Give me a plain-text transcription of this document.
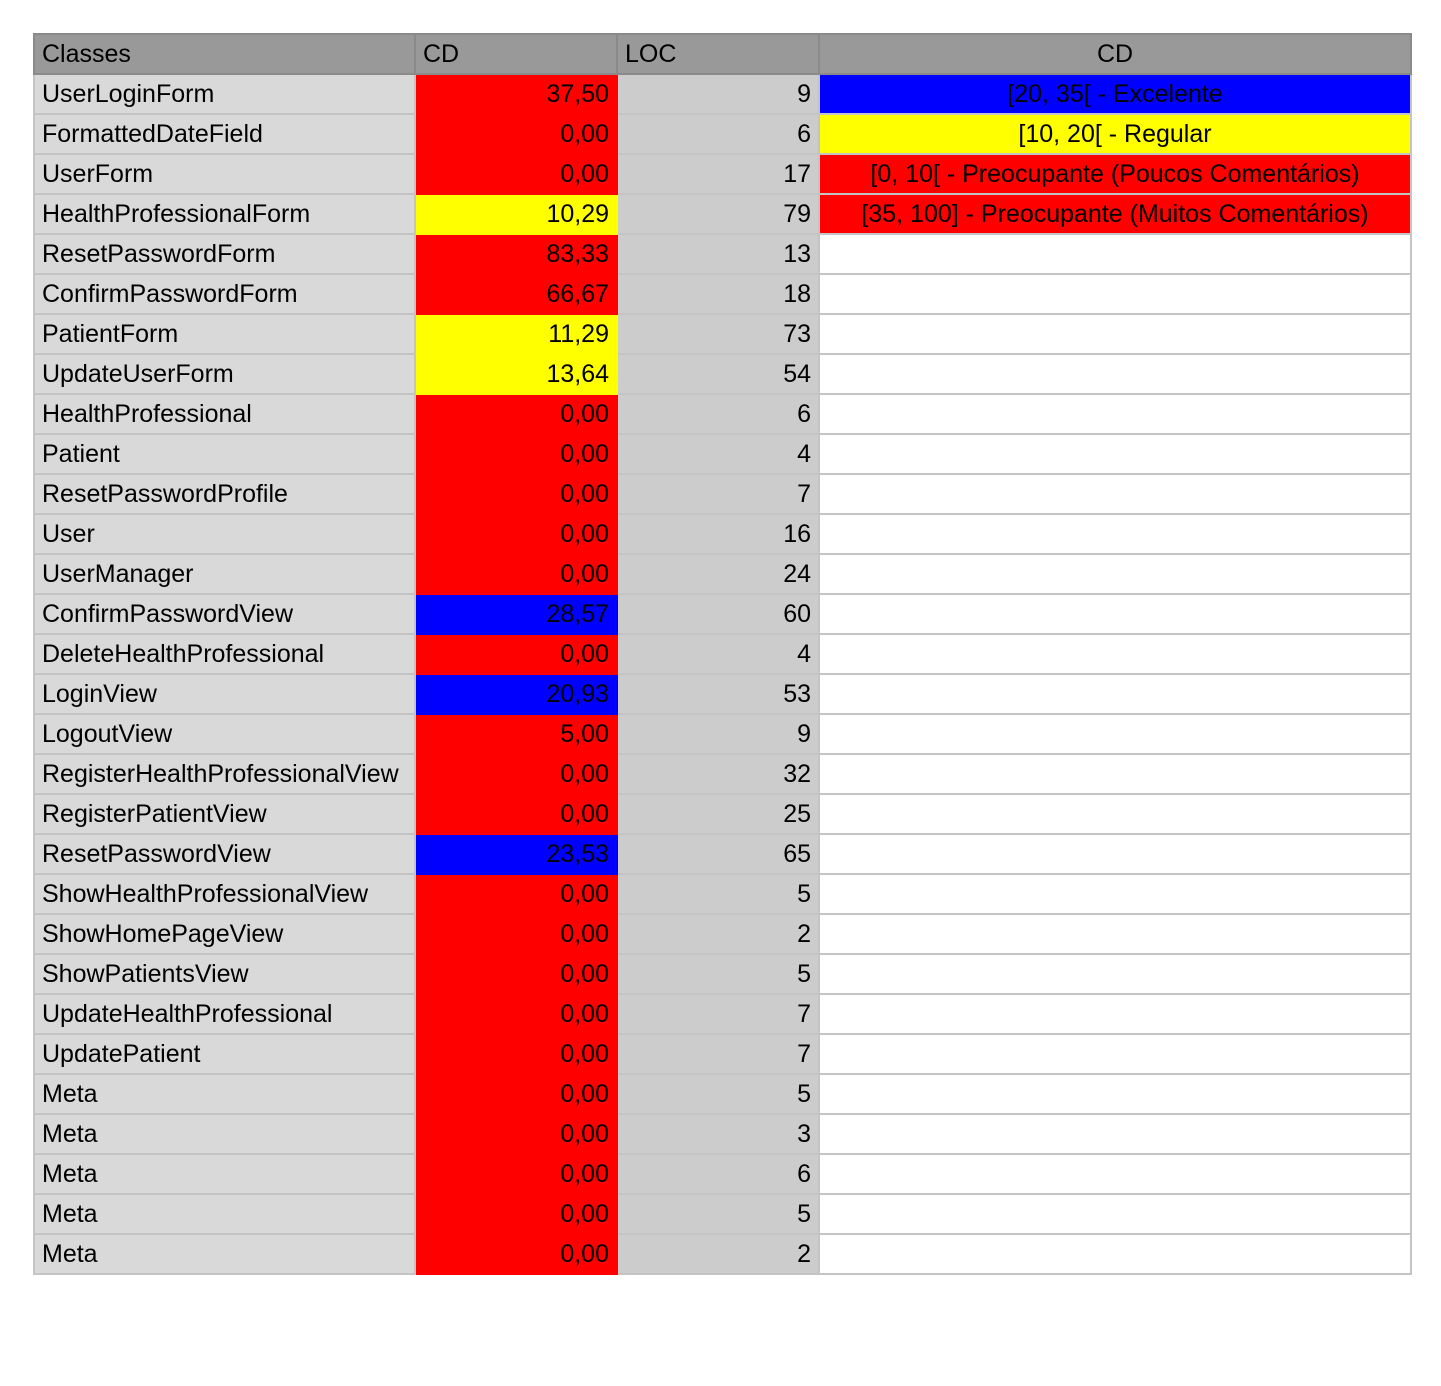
Classes	CD	LOC	CD
UserLoginForm	37,50	9	[20, 35[ - Excelente
FormattedDateField	0,00	6	[10, 20[ - Regular
UserForm	0,00	17	[0, 10[ - Preocupante (Poucos Comentários)
HealthProfessionalForm	10,29	79	[35, 100] - Preocupante (Muitos Comentários)
ResetPasswordForm	83,33	13	
ConfirmPasswordForm	66,67	18	
PatientForm	11,29	73	
UpdateUserForm	13,64	54	
HealthProfessional	0,00	6	
Patient	0,00	4	
ResetPasswordProfile	0,00	7	
User	0,00	16	
UserManager	0,00	24	
ConfirmPasswordView	28,57	60	
DeleteHealthProfessional	0,00	4	
LoginView	20,93	53	
LogoutView	5,00	9	
RegisterHealthProfessionalView	0,00	32	
RegisterPatientView	0,00	25	
ResetPasswordView	23,53	65	
ShowHealthProfessionalView	0,00	5	
ShowHomePageView	0,00	2	
ShowPatientsView	0,00	5	
UpdateHealthProfessional	0,00	7	
UpdatePatient	0,00	7	
Meta	0,00	5	
Meta	0,00	3	
Meta	0,00	6	
Meta	0,00	5	
Meta	0,00	2	
